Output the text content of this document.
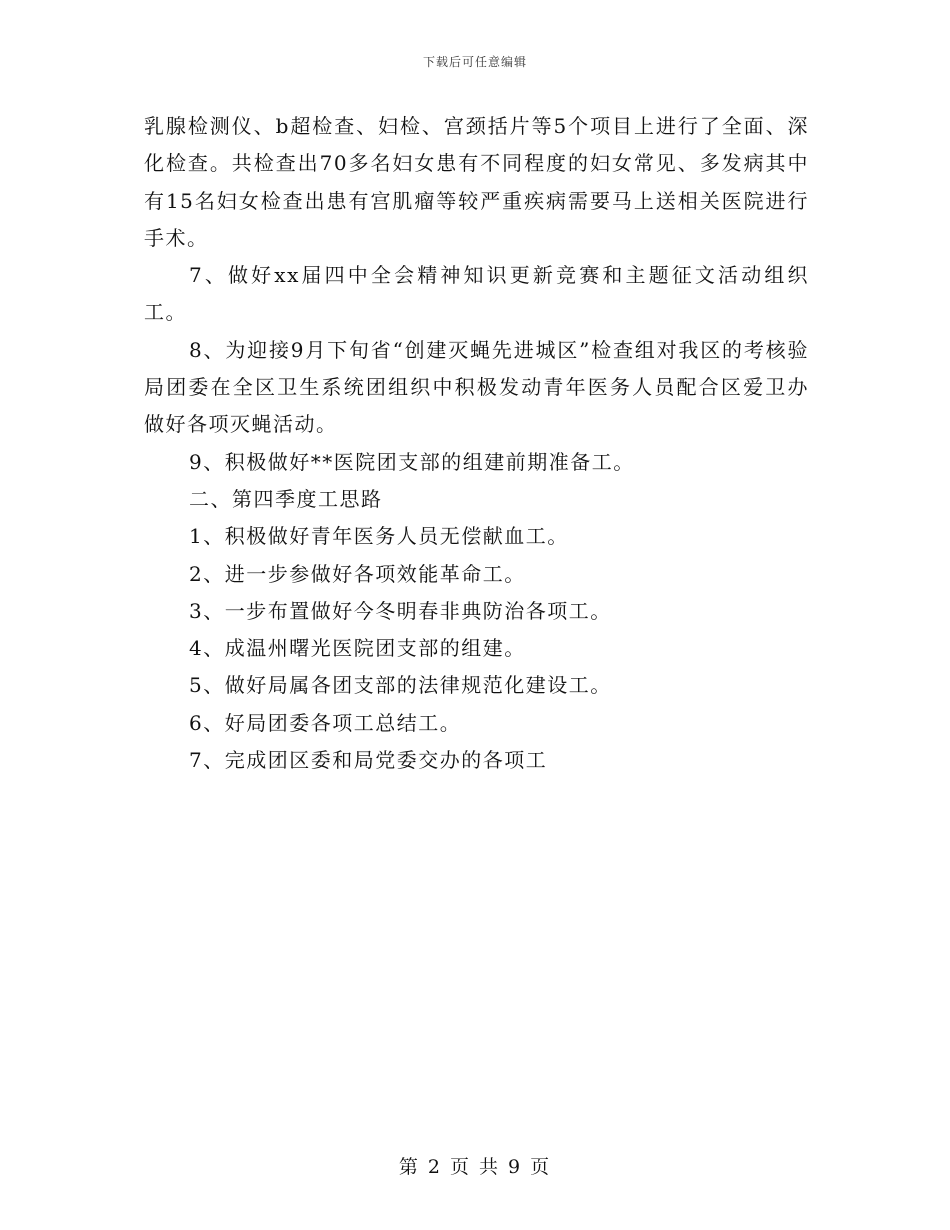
下载后可任意编辑

乳腺检测仪、b超检查、妇检、宫颈括片等5个项目上进行了全面、深化检查。共检查出70多名妇女患有不同程度的妇女常见、多发病其中有15名妇女检查出患有宫肌瘤等较严重疾病需要马上送相关医院进行手术。

7、做好xx届四中全会精神知识更新竞赛和主题征文活动组织工。

8、为迎接9月下旬省“创建灭蝇先进城区”检查组对我区的考核验局团委在全区卫生系统团组织中积极发动青年医务人员配合区爱卫办做好各项灭蝇活动。

9、积极做好**医院团支部的组建前期准备工。

二、第四季度工思路

1、积极做好青年医务人员无偿献血工。

2、进一步参做好各项效能革命工。

3、一步布置做好今冬明春非典防治各项工。

4、成温州曙光医院团支部的组建。

5、做好局属各团支部的法律规范化建设工。

6、好局团委各项工总结工。

7、完成团区委和局党委交办的各项工

第 2 页 共 9 页
